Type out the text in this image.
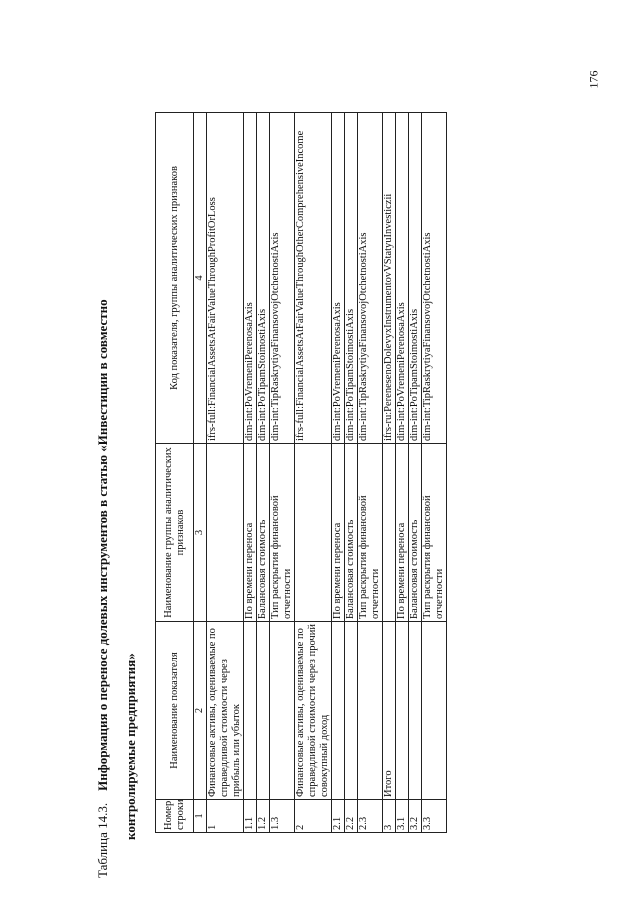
176
Таблица 14.3.Информация о переносе долевых инструментов в статью «Инвестиции в совместно контролируемые предприятия» Номер строки	Наименование показателя	Наименование группы аналитических признаков	Код показателя, группы аналитических признаков
1	2	3	4
1	Финансовые активы, оцениваемые по справедливой стоимости через прибыль или убыток		ifrs-full:FinancialAssetsAtFairValueThroughProfitOrLoss
1.1		По времени переноса	dim-int:PoVremeniPerenosaAxis
1.2		Балансовая стоимость	dim-int:PoTipamStoimostiAxis
1.3		Тип раскрытия финансовой отчетности	dim-int:TipRaskrytiyaFinansovojOtchetnostiAxis
2	Финансовые активы, оцениваемые по справедливой стоимости через прочий совокупный доход		ifrs-full:FinancialAssetsAtFairValueThroughOtherComprehensiveIncome
2.1		По времени переноса	dim-int:PoVremeniPerenosaAxis
2.2		Балансовая стоимость	dim-int:PoTipamStoimostiAxis
2.3		Тип раскрытия финансовой отчетности	dim-int:TipRaskrytiyaFinansovojOtchetnostiAxis
3	Итого		ifrs-ru:PerenesenoDolevyxInstrumentovVStatyuInvesticzii
3.1		По времени переноса	dim-int:PoVremeniPerenosaAxis
3.2		Балансовая стоимость	dim-int:PoTipamStoimostiAxis
3.3		Тип раскрытия финансовой отчетности	dim-int:TipRaskrytiyaFinansovojOtchetnostiAxis
